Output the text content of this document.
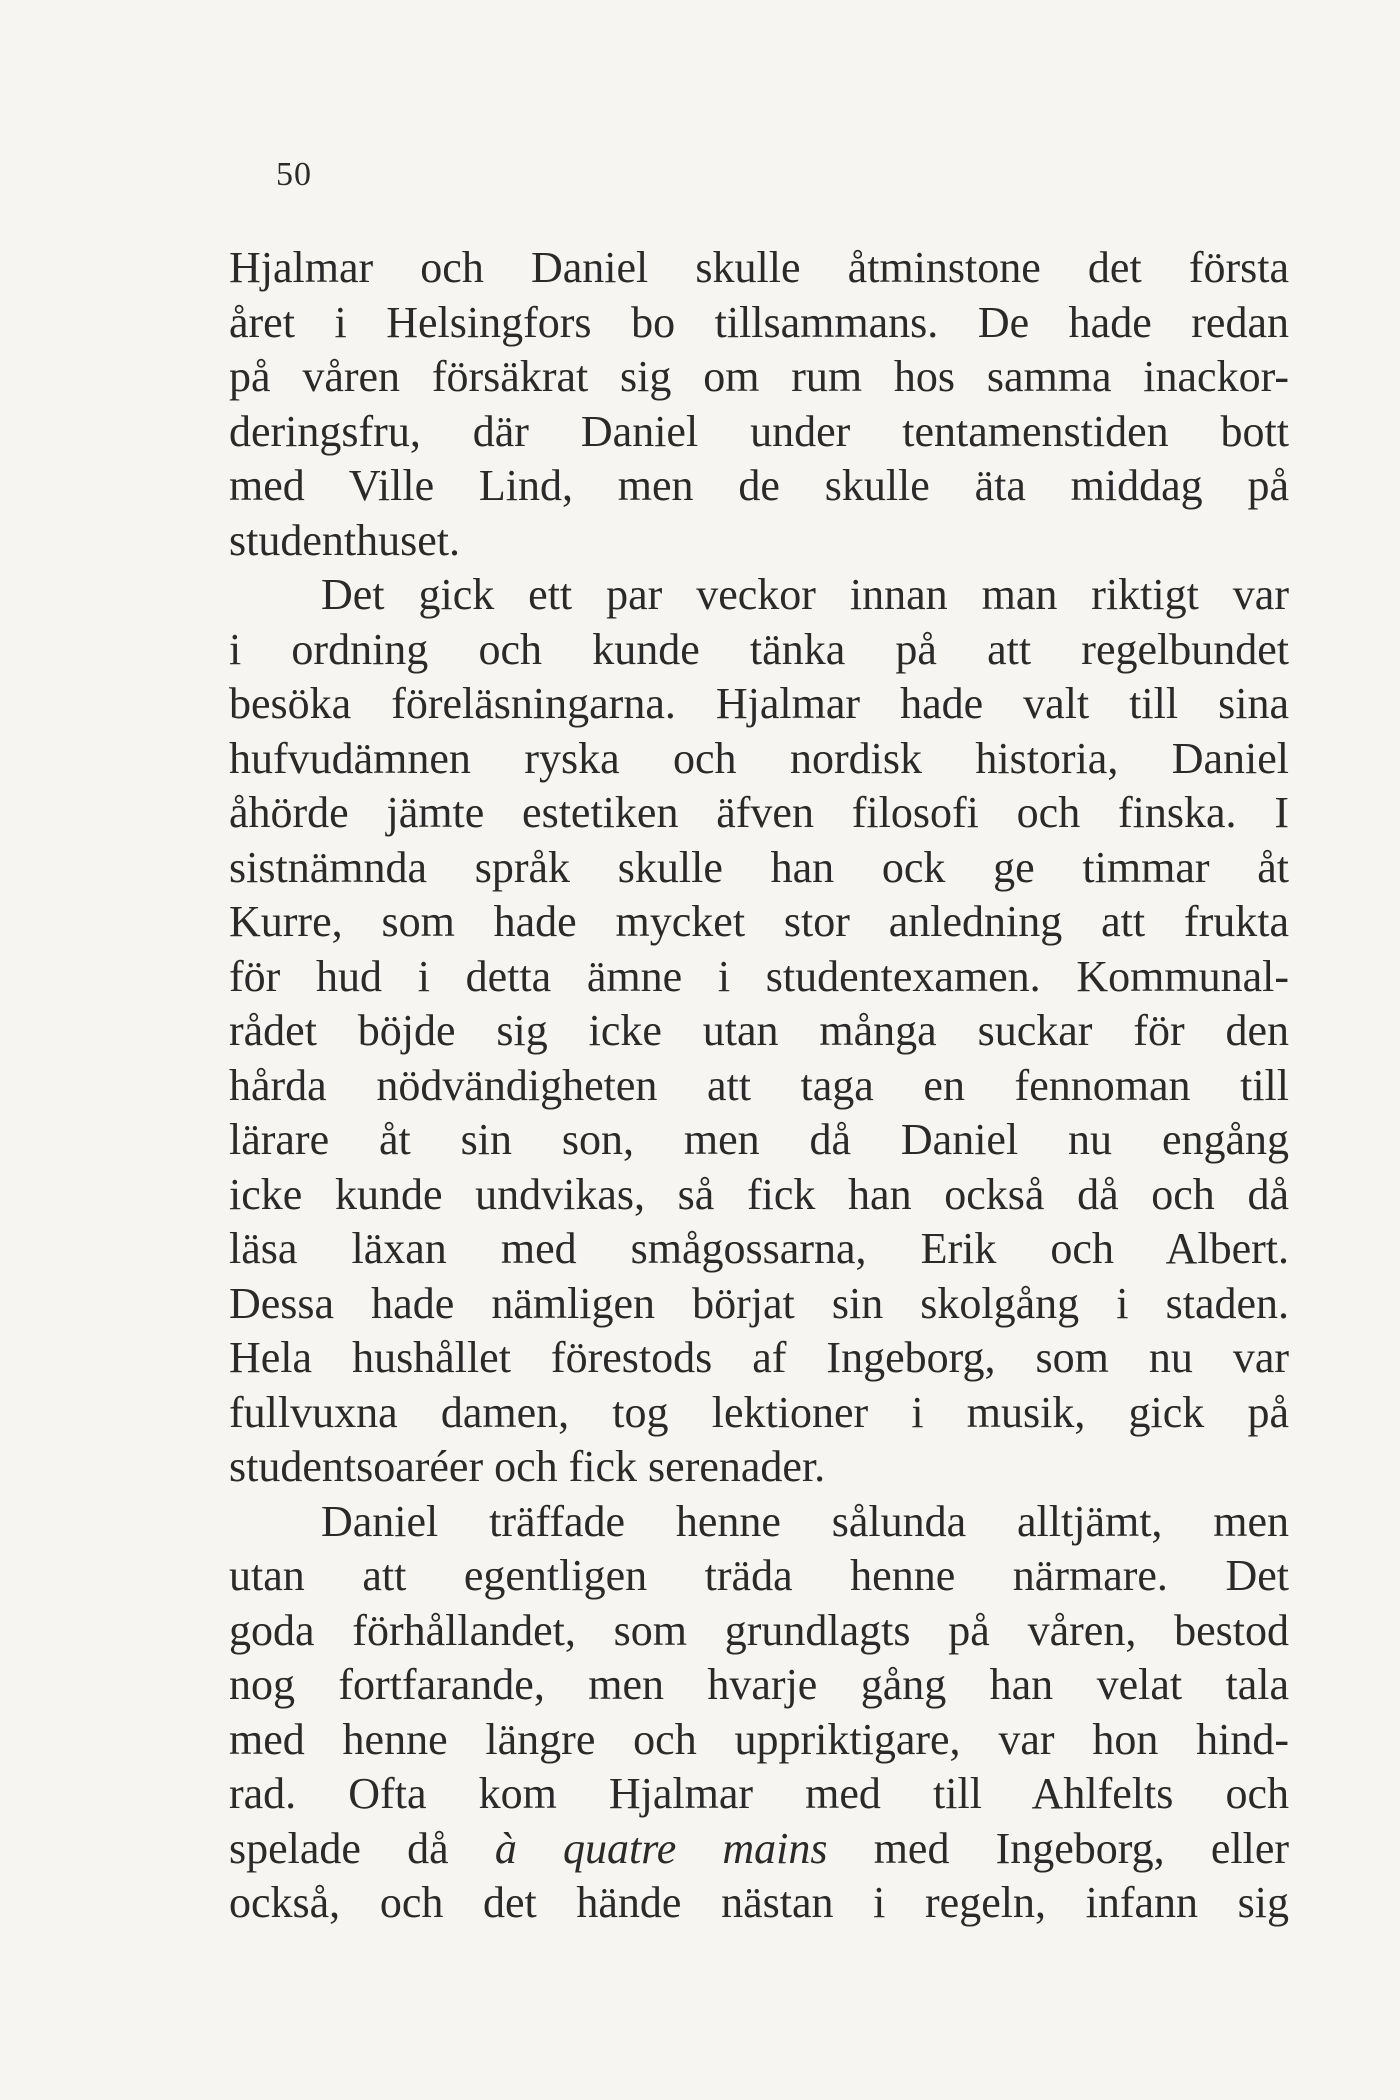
50
Hjalmar och Daniel skulle åtminstone det första
året i Helsingfors bo tillsammans. De hade redan
på våren försäkrat sig om rum hos samma inackor-
deringsfru, där Daniel under tentamenstiden bott
med Ville Lind, men de skulle äta middag på
studenthuset.
Det gick ett par veckor innan man riktigt var
i ordning och kunde tänka på att regelbundet
besöka föreläsningarna. Hjalmar hade valt till sina
hufvudämnen ryska och nordisk historia, Daniel
åhörde jämte estetiken äfven filosofi och finska. I
sistnämnda språk skulle han ock ge timmar åt
Kurre, som hade mycket stor anledning att frukta
för hud i detta ämne i studentexamen. Kommunal-
rådet böjde sig icke utan många suckar för den
hårda nödvändigheten att taga en fennoman till
lärare åt sin son, men då Daniel nu engång
icke kunde undvikas, så fick han också då och då
läsa läxan med smågossarna, Erik och Albert.
Dessa hade nämligen börjat sin skolgång i staden.
Hela hushållet förestods af Ingeborg, som nu var
fullvuxna damen, tog lektioner i musik, gick på
studentsoaréer och fick serenader.
Daniel träffade henne sålunda alltjämt, men
utan att egentligen träda henne närmare. Det
goda förhållandet, som grundlagts på våren, bestod
nog fortfarande, men hvarje gång han velat tala
med henne längre och uppriktigare, var hon hind-
rad. Ofta kom Hjalmar med till Ahlfelts och
spelade då à quatre mains med Ingeborg, eller
också, och det hände nästan i regeln, infann sig
